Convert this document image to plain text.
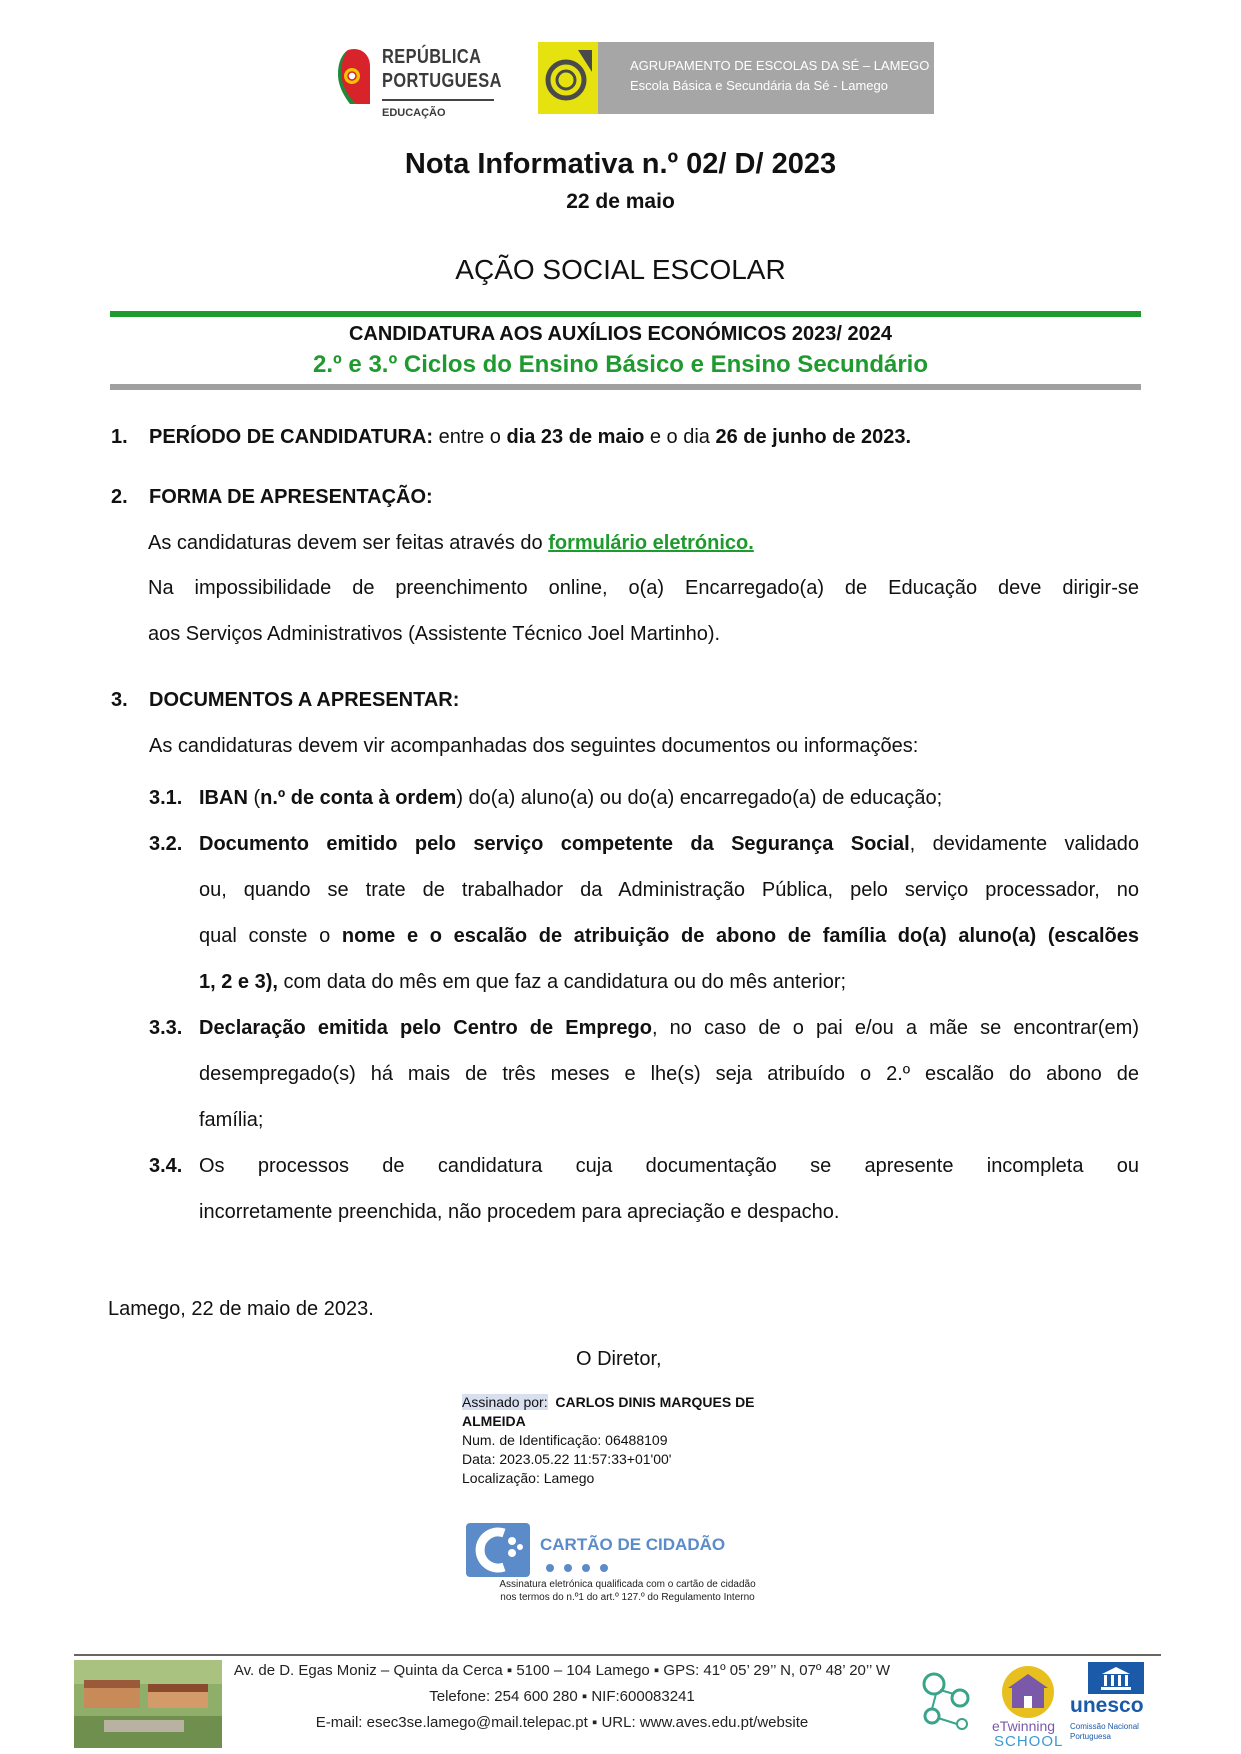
REPÚBLICA
PORTUGUESA
EDUCAÇÃO
AGRUPAMENTO DE ESCOLAS DA SÉ – LAMEGO
Escola Básica e Secundária da Sé - Lamego
Nota Informativa n.º 02/ D/ 2023
22 de maio
AÇÃO SOCIAL ESCOLAR
CANDIDATURA AOS AUXÍLIOS ECONÓMICOS 2023/ 2024
2.º e 3.º Ciclos do Ensino Básico e Ensino Secundário
1. PERÍODO DE CANDIDATURA: entre o dia 23 de maio e o dia 26 de junho de 2023.
2. FORMA DE APRESENTAÇÃO:
As candidaturas devem ser feitas através do formulário eletrónico.
Na impossibilidade de preenchimento online, o(a) Encarregado(a) de Educação deve dirigir-se
aos Serviços Administrativos (Assistente Técnico Joel Martinho).
3. DOCUMENTOS A APRESENTAR:
As candidaturas devem vir acompanhadas dos seguintes documentos ou informações:
3.1. IBAN (n.º de conta à ordem) do(a) aluno(a) ou do(a) encarregado(a) de educação;
3.2. Documento emitido pelo serviço competente da Segurança Social, devidamente validado
ou, quando se trate de trabalhador da Administração Pública, pelo serviço processador, no
qual conste o nome e o escalão de atribuição de abono de família do(a) aluno(a) (escalões
1, 2 e 3), com data do mês em que faz a candidatura ou do mês anterior;
3.3. Declaração emitida pelo Centro de Emprego, no caso de o pai e/ou a mãe se encontrar(em)
desempregado(s) há mais de três meses e lhe(s) seja atribuído o 2.º escalão do abono de
família;
3.4. Os processos de candidatura cuja documentação se apresente incompleta ou
incorretamente preenchida, não procedem para apreciação e despacho.
Lamego, 22 de maio de 2023.
O Diretor,
Assinado por: CARLOS DINIS MARQUES DE
ALMEIDA
Num. de Identificação: 06488109
Data: 2023.05.22 11:57:33+01'00'
Localização: Lamego
CARTÃO DE CIDADÃO
Assinatura eletrónica qualificada com o cartão de cidadão
nos termos do n.º1 do art.º 127.º do Regulamento Interno
Av. de D. Egas Moniz – Quinta da Cerca ▪ 5100 – 104 Lamego ▪ GPS: 41º 05’ 29’’ N, 07º 48’ 20’’ W
Telefone: 254 600 280 ▪ NIF:600083241
E-mail: esec3se.lamego@mail.telepac.pt ▪ URL: www.aves.edu.pt/website	eTwinning
SCHOOL
unesco
Comissão Nacional
Portuguesa
